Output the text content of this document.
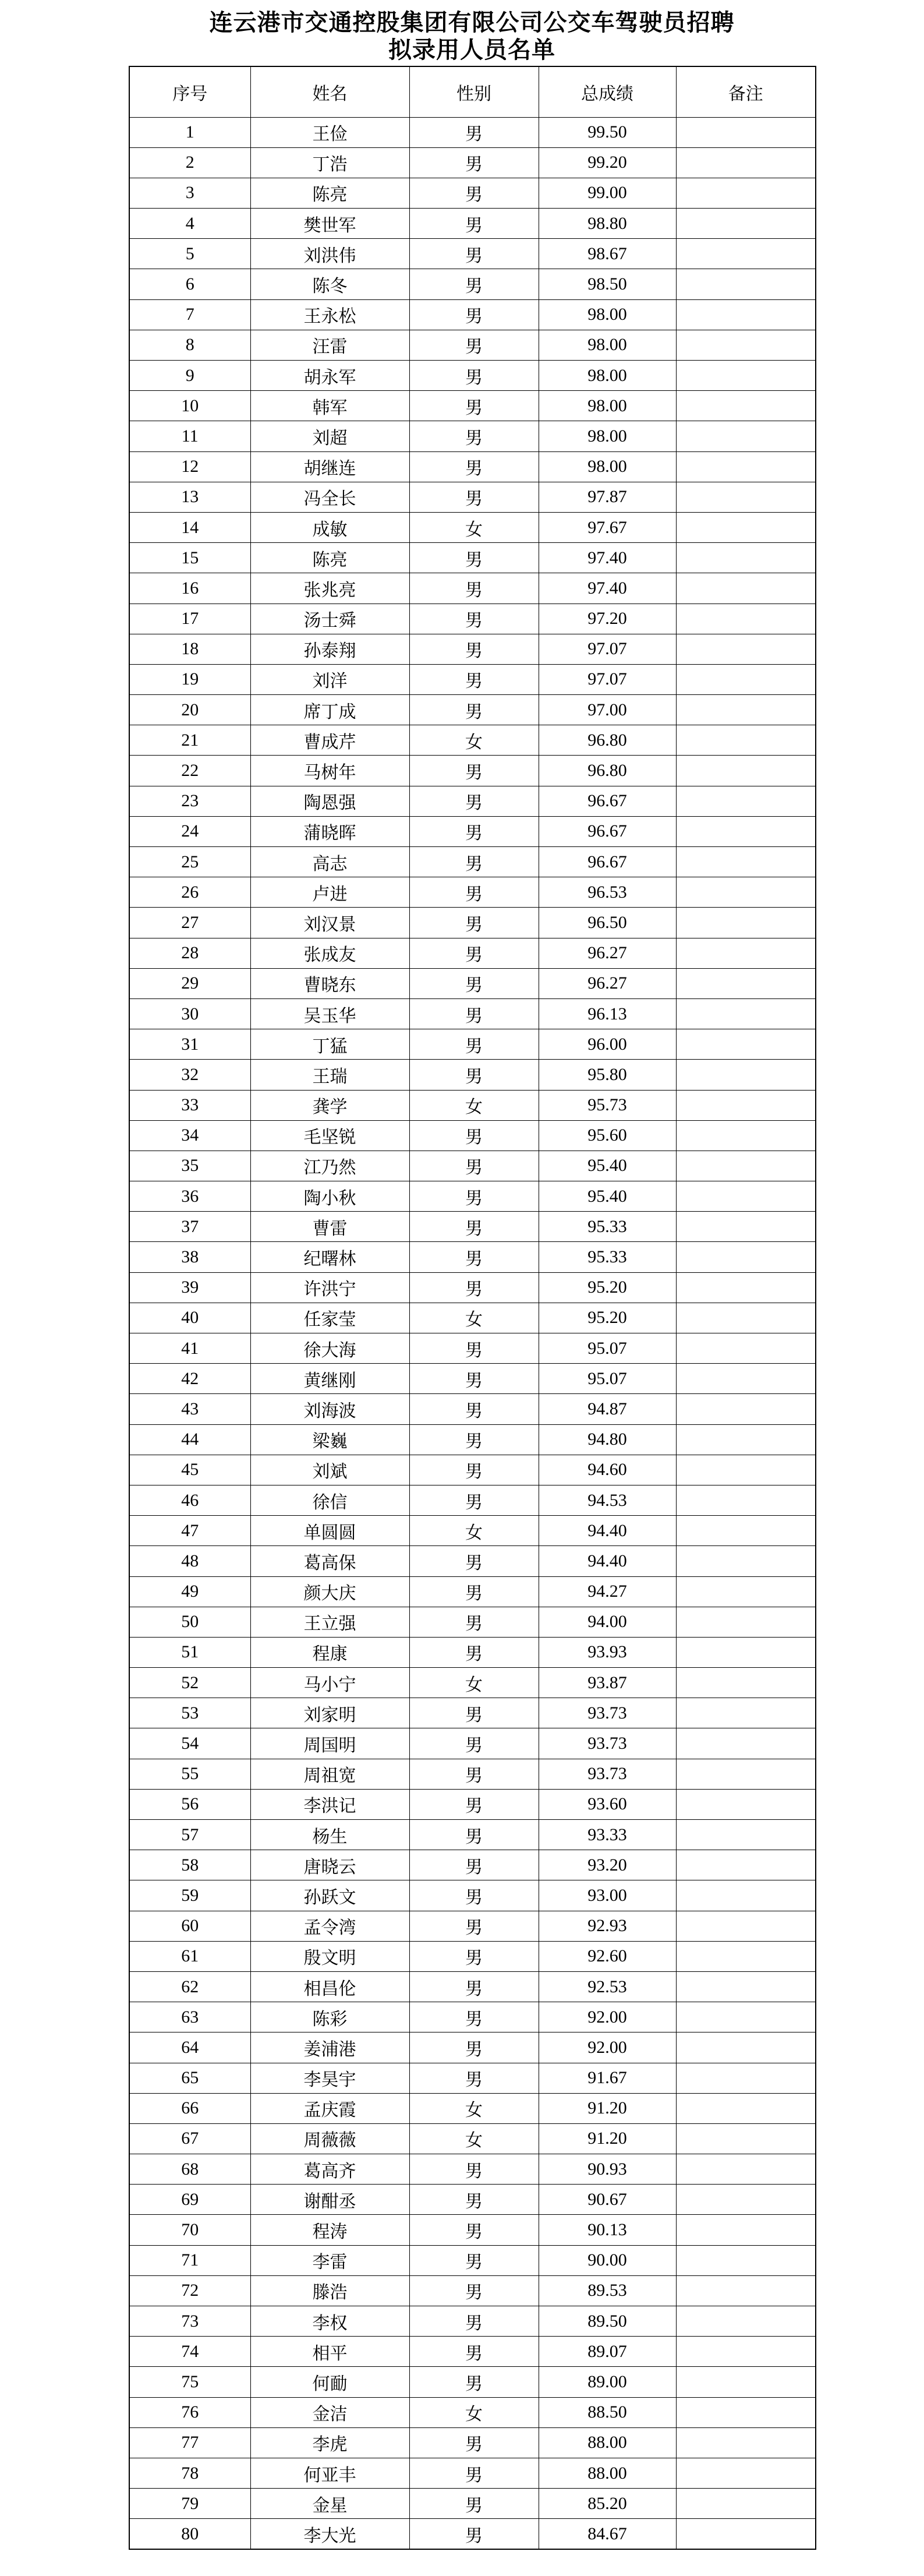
连云港市交通控股集团有限公司公交车驾驶员招聘
拟录用人员名单
序号	姓名	性别	总成绩	备注
1	王俭	男	99.50	
2	丁浩	男	99.20	
3	陈亮	男	99.00	
4	樊世军	男	98.80	
5	刘洪伟	男	98.67	
6	陈冬	男	98.50	
7	王永松	男	98.00	
8	汪雷	男	98.00	
9	胡永军	男	98.00	
10	韩军	男	98.00	
11	刘超	男	98.00	
12	胡继连	男	98.00	
13	冯全长	男	97.87	
14	成敏	女	97.67	
15	陈亮	男	97.40	
16	张兆亮	男	97.40	
17	汤士舜	男	97.20	
18	孙泰翔	男	97.07	
19	刘洋	男	97.07	
20	席丁成	男	97.00	
21	曹成芹	女	96.80	
22	马树年	男	96.80	
23	陶恩强	男	96.67	
24	蒲晓晖	男	96.67	
25	高志	男	96.67	
26	卢进	男	96.53	
27	刘汉景	男	96.50	
28	张成友	男	96.27	
29	曹晓东	男	96.27	
30	吴玉华	男	96.13	
31	丁猛	男	96.00	
32	王瑞	男	95.80	
33	龚学	女	95.73	
34	毛坚锐	男	95.60	
35	江乃然	男	95.40	
36	陶小秋	男	95.40	
37	曹雷	男	95.33	
38	纪曙林	男	95.33	
39	许洪宁	男	95.20	
40	任家莹	女	95.20	
41	徐大海	男	95.07	
42	黄继刚	男	95.07	
43	刘海波	男	94.87	
44	梁巍	男	94.80	
45	刘斌	男	94.60	
46	徐信	男	94.53	
47	单圆圆	女	94.40	
48	葛高保	男	94.40	
49	颜大庆	男	94.27	
50	王立强	男	94.00	
51	程康	男	93.93	
52	马小宁	女	93.87	
53	刘家明	男	93.73	
54	周国明	男	93.73	
55	周祖宽	男	93.73	
56	李洪记	男	93.60	
57	杨生	男	93.33	
58	唐晓云	男	93.20	
59	孙跃文	男	93.00	
60	孟令湾	男	92.93	
61	殷文明	男	92.60	
62	相昌伦	男	92.53	
63	陈彩	男	92.00	
64	姜浦港	男	92.00	
65	李昊宇	男	91.67	
66	孟庆霞	女	91.20	
67	周薇薇	女	91.20	
68	葛高齐	男	90.93	
69	谢酣丞	男	90.67	
70	程涛	男	90.13	
71	李雷	男	90.00	
72	滕浩	男	89.53	
73	李权	男	89.50	
74	相平	男	89.07	
75	何勔	男	89.00	
76	金洁	女	88.50	
77	李虎	男	88.00	
78	何亚丰	男	88.00	
79	金星	男	85.20	
80	李大光	男	84.67	
